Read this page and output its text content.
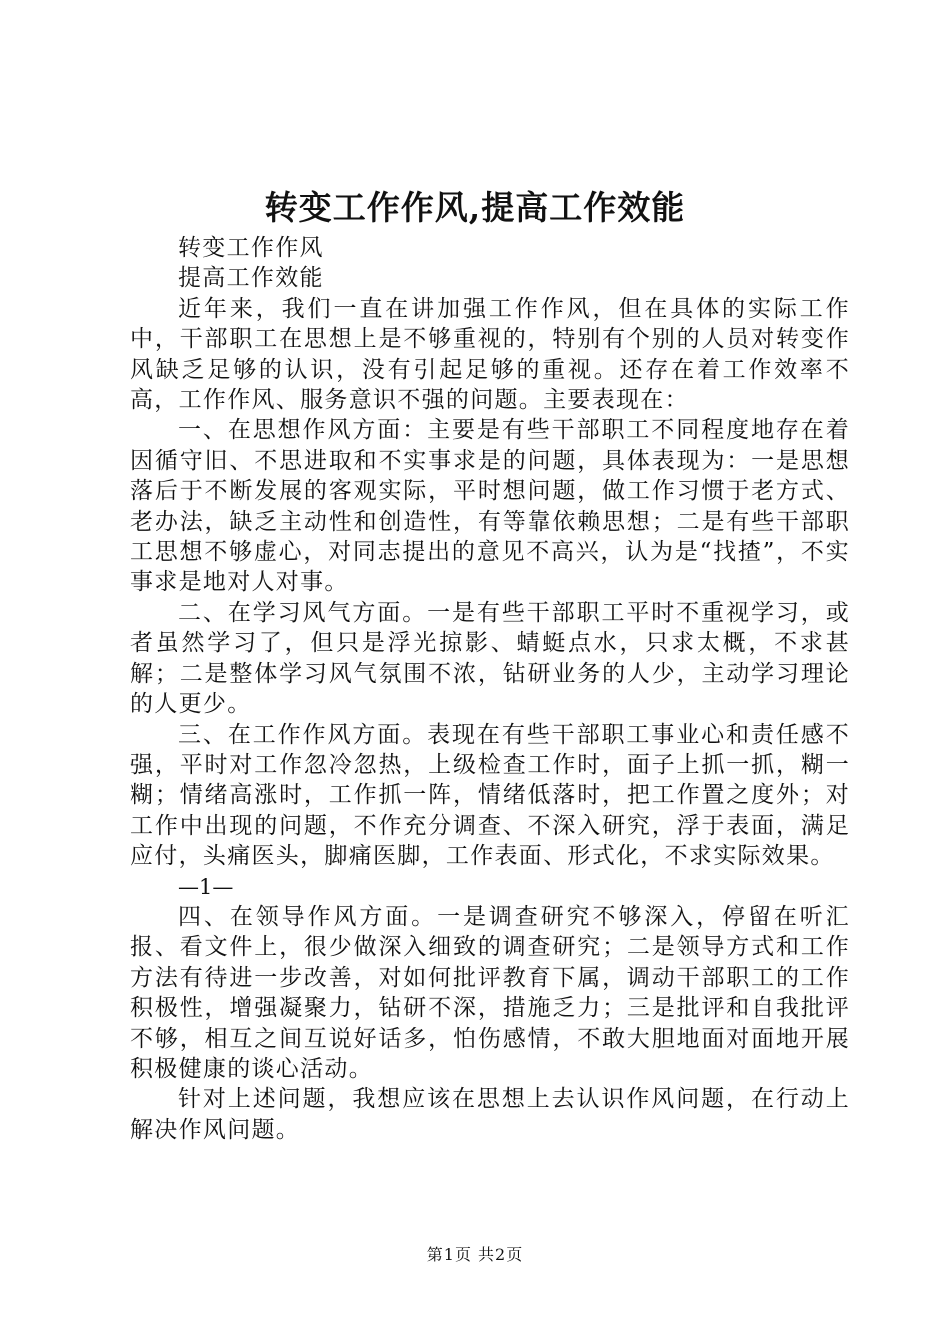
转变工作作风,提高工作效能

转变工作作风

提高工作效能

近年来，我们一直在讲加强工作作风，但在具体的实际工作中，干部职工在思想上是不够重视的，特别有个别的人员对转变作风缺乏足够的认识，没有引起足够的重视。还存在着工作效率不高，工作作风、服务意识不强的问题。主要表现在：

一、在思想作风方面：主要是有些干部职工不同程度地存在着因循守旧、不思进取和不实事求是的问题，具体表现为：一是思想落后于不断发展的客观实际，平时想问题，做工作习惯于老方式、老办法，缺乏主动性和创造性，有等靠依赖思想；二是有些干部职工思想不够虚心，对同志提出的意见不高兴，认为是“找揸”，不实事求是地对人对事。

二、在学习风气方面。一是有些干部职工平时不重视学习，或者虽然学习了，但只是浮光掠影、蜻蜓点水，只求太概，不求甚解；二是整体学习风气氛围不浓，钻研业务的人少，主动学习理论的人更少。

三、在工作作风方面。表现在有些干部职工事业心和责任感不强，平时对工作忽冷忽热，上级检查工作时，面子上抓一抓，糊一糊；情绪高涨时，工作抓一阵，情绪低落时，把工作置之度外；对工作中出现的问题，不作充分调查、不深入研究，浮于表面，满足应付，头痛医头，脚痛医脚，工作表面、形式化，不求实际效果。

—1—

四、在领导作风方面。一是调查研究不够深入，停留在听汇报、看文件上，很少做深入细致的调查研究；二是领导方式和工作方法有待进一步改善，对如何批评教育下属，调动干部职工的工作积极性，增强凝聚力，钻研不深，措施乏力；三是批评和自我批评不够，相互之间互说好话多，怕伤感情，不敢大胆地面对面地开展积极健康的谈心活动。

针对上述问题，我想应该在思想上去认识作风问题，在行动上解决作风问题。

第1页 共2页
